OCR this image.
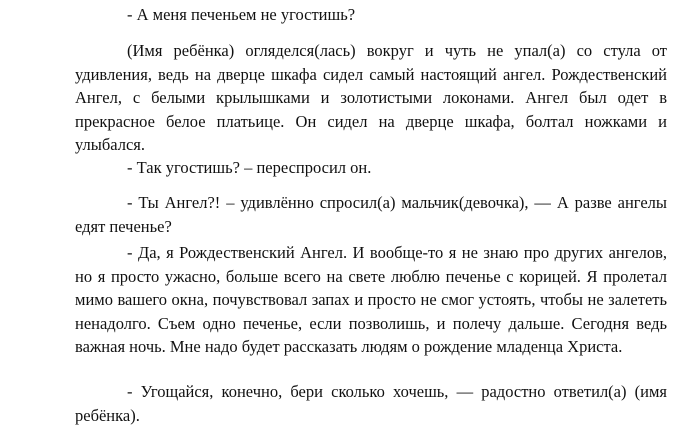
- А меня печеньем не угостишь?

(Имя ребёнка) огляделся(лась) вокруг и чуть не упал(а) со стула от удивления, ведь на дверце шкафа сидел самый настоящий ангел. Рождественский Ангел, с белыми крылышками и золотистыми локонами. Ангел был одет в прекрасное белое платьице. Он сидел на дверце шкафа, болтал ножками и улыбался.

- Так угостишь? – переспросил он.

- Ты Ангел?! – удивлённо спросил(а) мальчик(девочка), — А разве ангелы едят печенье?

- Да, я Рождественский Ангел. И вообще-то я не знаю про других ангелов, но я просто ужасно, больше всего на свете люблю печенье с корицей. Я пролетал мимо вашего окна, почувствовал запах и просто не смог устоять, чтобы не залететь ненадолго. Съем одно печенье, если позволишь, и полечу дальше. Сегодня ведь важная ночь. Мне надо будет рассказать людям о рождение младенца Христа.

- Угощайся, конечно, бери сколько хочешь, — радостно ответил(а) (имя ребёнка).
